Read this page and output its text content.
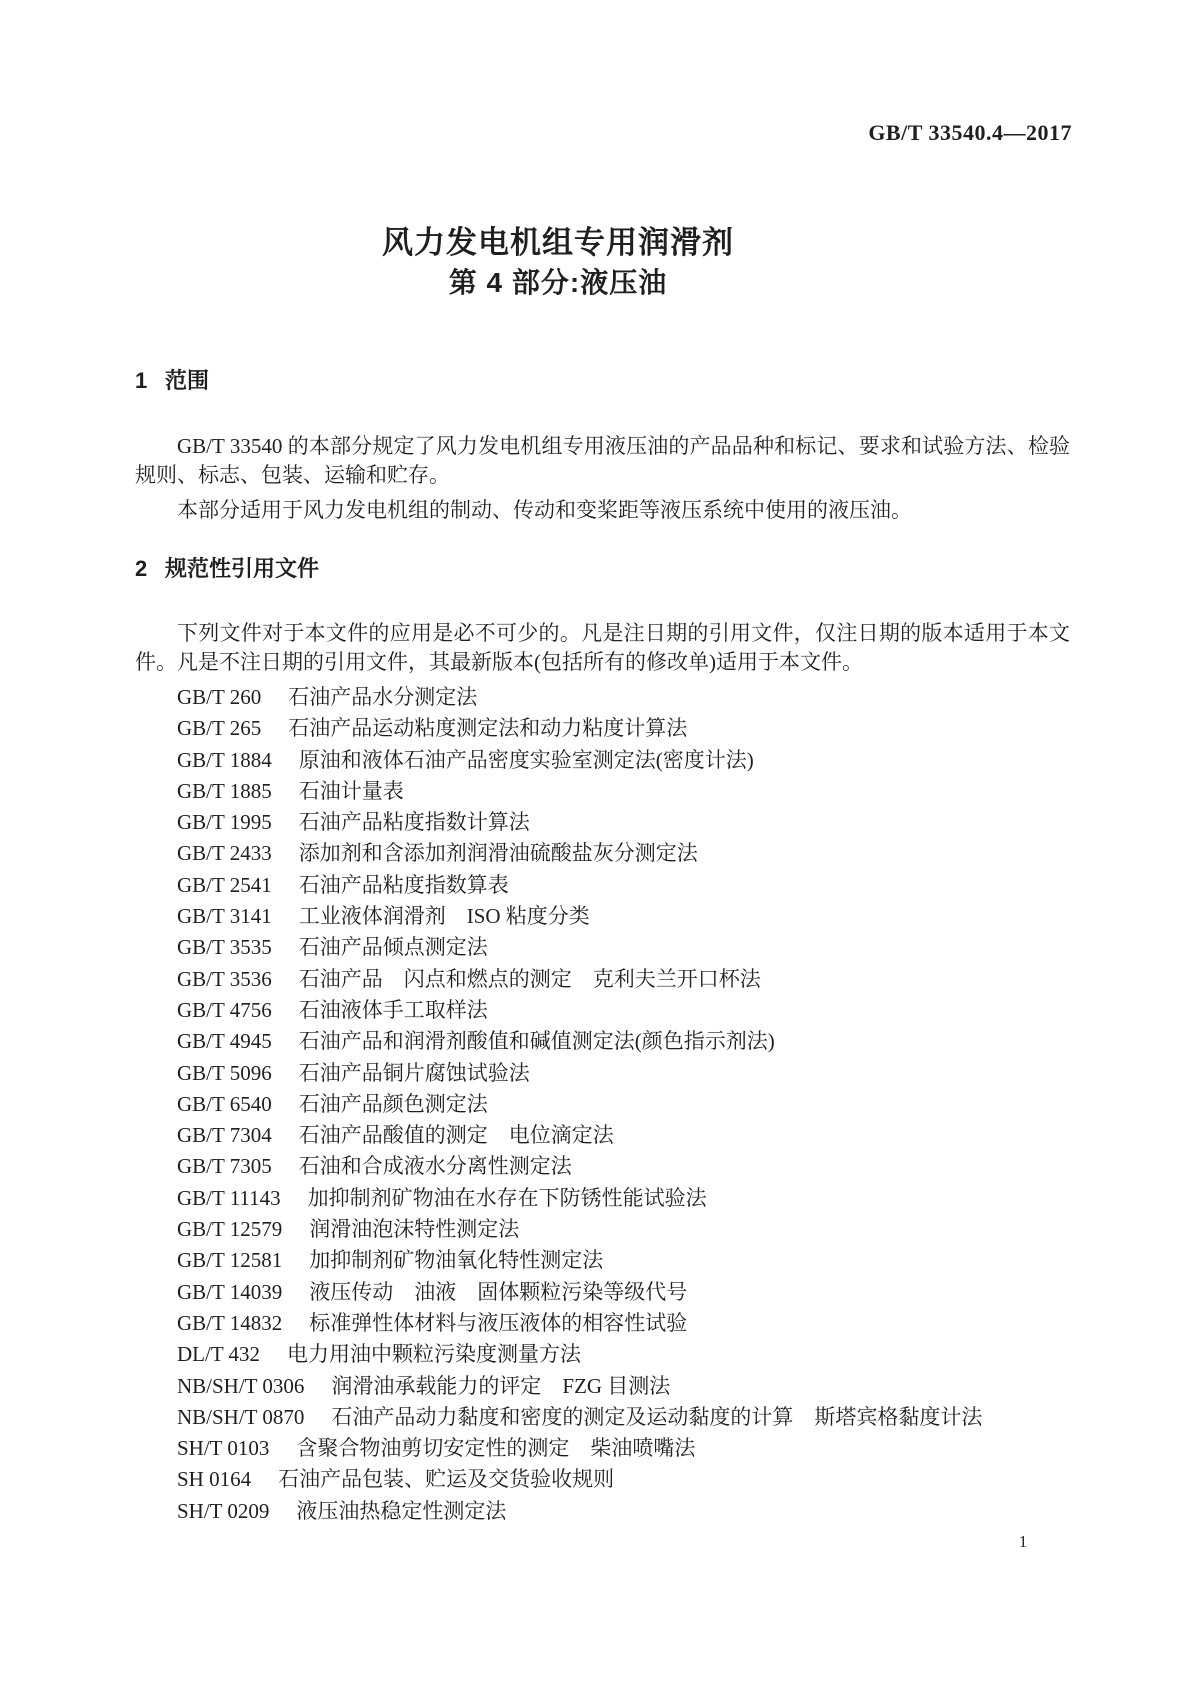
GB/T 33540.4—2017
风力发电机组专用润滑剂
第 4 部分:液压油
1 范围

GB/T 33540 的本部分规定了风力发电机组专用液压油的产品品种和标记、要求和试验方法、检验规则、标志、包装、运输和贮存。

本部分适用于风力发电机组的制动、传动和变桨距等液压系统中使用的液压油。

2 规范性引用文件

下列文件对于本文件的应用是必不可少的。凡是注日期的引用文件，仅注日期的版本适用于本文件。凡是不注日期的引用文件，其最新版本(包括所有的修改单)适用于本文件。

GB/T 260 石油产品水分测定法
GB/T 265 石油产品运动粘度测定法和动力粘度计算法
GB/T 1884 原油和液体石油产品密度实验室测定法(密度计法)
GB/T 1885 石油计量表
GB/T 1995 石油产品粘度指数计算法
GB/T 2433 添加剂和含添加剂润滑油硫酸盐灰分测定法
GB/T 2541 石油产品粘度指数算表
GB/T 3141 工业液体润滑剂　ISO 粘度分类
GB/T 3535 石油产品倾点测定法
GB/T 3536 石油产品　闪点和燃点的测定　克利夫兰开口杯法
GB/T 4756 石油液体手工取样法
GB/T 4945 石油产品和润滑剂酸值和碱值测定法(颜色指示剂法)
GB/T 5096 石油产品铜片腐蚀试验法
GB/T 6540 石油产品颜色测定法
GB/T 7304 石油产品酸值的测定　电位滴定法
GB/T 7305 石油和合成液水分离性测定法
GB/T 11143 加抑制剂矿物油在水存在下防锈性能试验法
GB/T 12579 润滑油泡沫特性测定法
GB/T 12581 加抑制剂矿物油氧化特性测定法
GB/T 14039 液压传动　油液　固体颗粒污染等级代号
GB/T 14832 标准弹性体材料与液压液体的相容性试验
DL/T 432 电力用油中颗粒污染度测量方法
NB/SH/T 0306 润滑油承载能力的评定　FZG 目测法
NB/SH/T 0870 石油产品动力黏度和密度的测定及运动黏度的计算　斯塔宾格黏度计法
SH/T 0103 含聚合物油剪切安定性的测定　柴油喷嘴法
SH 0164 石油产品包装、贮运及交货验收规则
SH/T 0209 液压油热稳定性测定法
1
